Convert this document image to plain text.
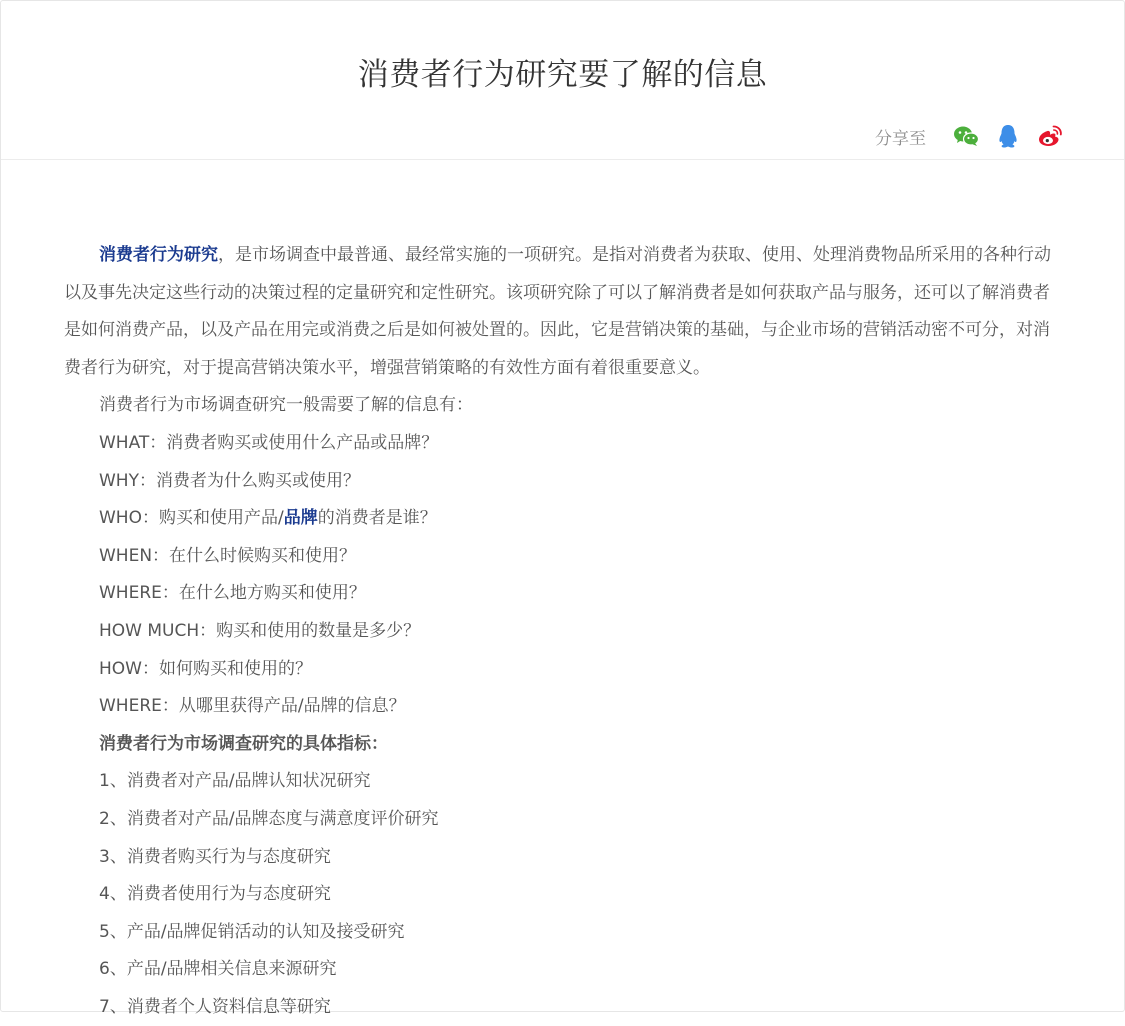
消费者行为研究要了解的信息
分享至

消费者行为研究，是市场调查中最普通、最经常实施的一项研究。是指对消费者为获取、使用、处理消费物品所采用的各种行动以及事先决定这些行动的决策过程的定量研究和定性研究。该项研究除了可以了解消费者是如何获取产品与服务，还可以了解消费者是如何消费产品，以及产品在用完或消费之后是如何被处置的。因此，它是营销决策的基础，与企业市场的营销活动密不可分，对消费者行为研究，对于提高营销决策水平，增强营销策略的有效性方面有着很重要意义。

消费者行为市场调查研究一般需要了解的信息有：

WHAT：消费者购买或使用什么产品或品牌？

WHY：消费者为什么购买或使用？

WHO：购买和使用产品/品牌的消费者是谁？

WHEN：在什么时候购买和使用？

WHERE：在什么地方购买和使用？

HOW MUCH：购买和使用的数量是多少？

HOW：如何购买和使用的？

WHERE：从哪里获得产品/品牌的信息？

消费者行为市场调查研究的具体指标：

1、消费者对产品/品牌认知状况研究

2、消费者对产品/品牌态度与满意度评价研究

3、消费者购买行为与态度研究

4、消费者使用行为与态度研究

5、产品/品牌促销活动的认知及接受研究

6、产品/品牌相关信息来源研究

7、消费者个人资料信息等研究
